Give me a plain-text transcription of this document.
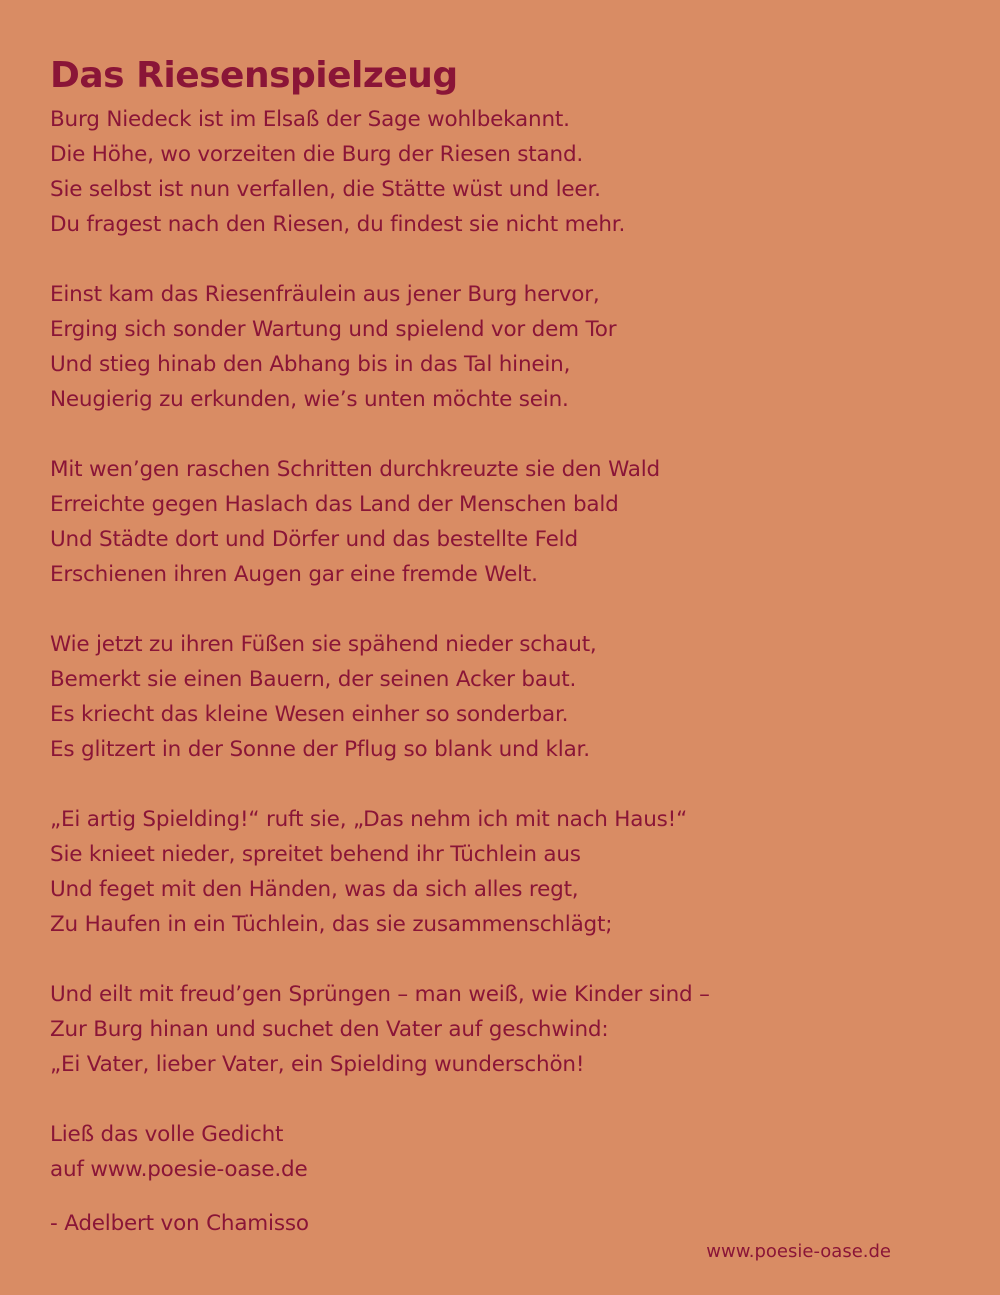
Das Riesenspielzeug
Burg Niedeck ist im Elsaß der Sage wohlbekannt.
Die Höhe, wo vorzeiten die Burg der Riesen stand.
Sie selbst ist nun verfallen, die Stätte wüst und leer.
Du fragest nach den Riesen, du findest sie nicht mehr.
Einst kam das Riesenfräulein aus jener Burg hervor,
Erging sich sonder Wartung und spielend vor dem Tor
Und stieg hinab den Abhang bis in das Tal hinein,
Neugierig zu erkunden, wie’s unten möchte sein.
Mit wen’gen raschen Schritten durchkreuzte sie den Wald
Erreichte gegen Haslach das Land der Menschen bald
Und Städte dort und Dörfer und das bestellte Feld
Erschienen ihren Augen gar eine fremde Welt.
Wie jetzt zu ihren Füßen sie spähend nieder schaut,
Bemerkt sie einen Bauern, der seinen Acker baut.
Es kriecht das kleine Wesen einher so sonderbar.
Es glitzert in der Sonne der Pflug so blank und klar.
„Ei artig Spielding!“ ruft sie, „Das nehm ich mit nach Haus!“
Sie knieet nieder, spreitet behend ihr Tüchlein aus
Und feget mit den Händen, was da sich alles regt,
Zu Haufen in ein Tüchlein, das sie zusammenschlägt;
Und eilt mit freud’gen Sprüngen – man weiß, wie Kinder sind –
Zur Burg hinan und suchet den Vater auf geschwind:
„Ei Vater, lieber Vater, ein Spielding wunderschön!
Ließ das volle Gedicht
auf www.poesie-oase.de
- Adelbert von Chamisso
www.poesie-oase.de
